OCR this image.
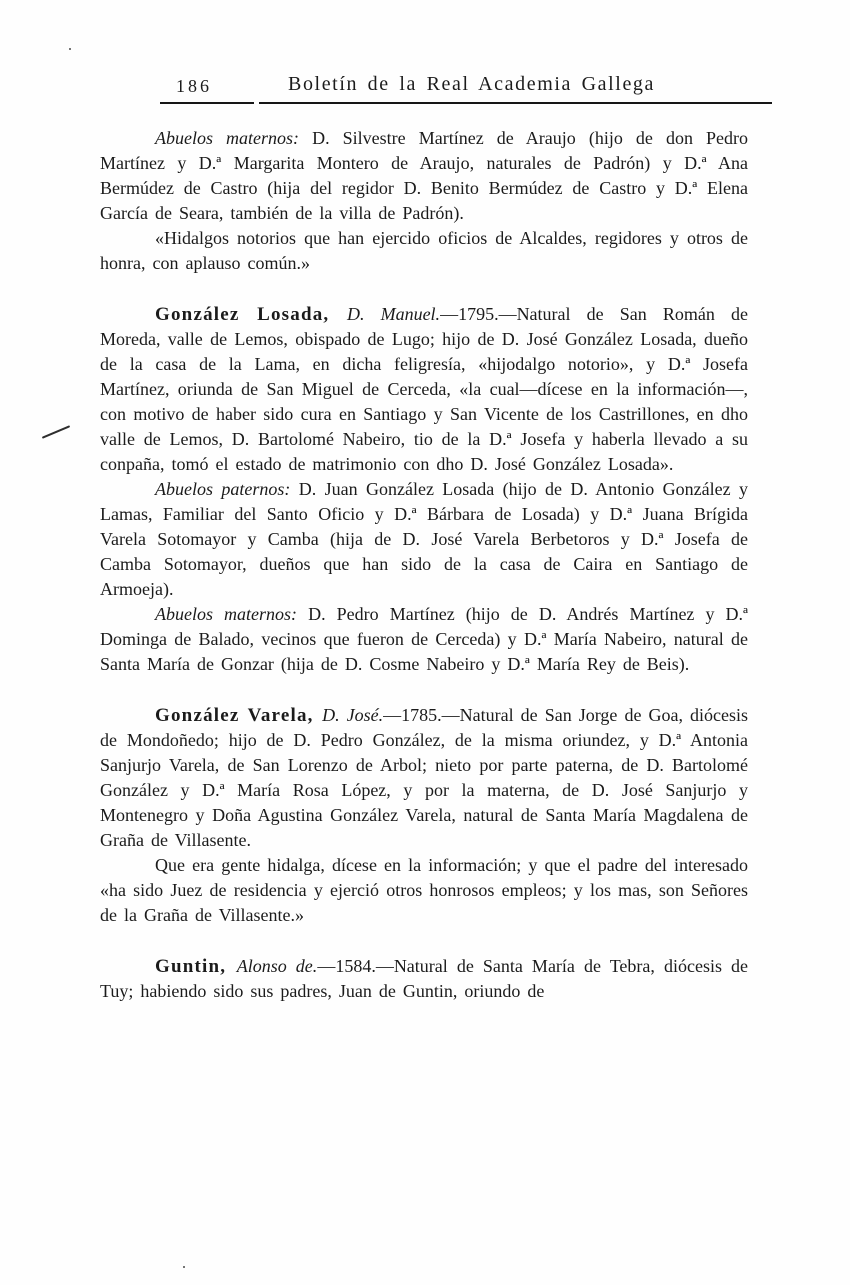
186	Boletín de la Real Academia Gallega

Abuelos maternos: D. Silvestre Martínez de Araujo (hijo de don Pedro Martínez y D.ª Margarita Montero de Araujo, naturales de Padrón) y D.ª Ana Bermúdez de Castro (hija del regidor D. Benito Bermúdez de Castro y D.ª Elena García de Seara, también de la villa de Padrón).

«Hidalgos notorios que han ejercido oficios de Alcaldes, regidores y otros de honra, con aplauso común.»

González Losada, D. Manuel.—1795.—Natural de San Román de Moreda, valle de Lemos, obispado de Lugo; hijo de D. José González Losada, dueño de la casa de la Lama, en dicha feligresía, «hijodalgo notorio», y D.ª Josefa Martínez, oriunda de San Miguel de Cerceda, «la cual—dícese en la información—, con motivo de haber sido cura en Santiago y San Vicente de los Castrillones, en dho valle de Lemos, D. Bartolomé Nabeiro, tio de la D.ª Josefa y haberla llevado a su conpaña, tomó el estado de matrimonio con dho D. José González Losada».

Abuelos paternos: D. Juan González Losada (hijo de D. Antonio González y Lamas, Familiar del Santo Oficio y D.ª Bárbara de Losada) y D.ª Juana Brígida Varela Sotomayor y Camba (hija de D. José Varela Berbetoros y D.ª Josefa de Camba Sotomayor, dueños que han sido de la casa de Caira en Santiago de Armoeja).

Abuelos maternos: D. Pedro Martínez (hijo de D. Andrés Martínez y D.ª Dominga de Balado, vecinos que fueron de Cerceda) y D.ª María Nabeiro, natural de Santa María de Gonzar (hija de D. Cosme Nabeiro y D.ª María Rey de Beis).

González Varela, D. José.—1785.—Natural de San Jorge de Goa, diócesis de Mondoñedo; hijo de D. Pedro González, de la misma oriundez, y D.ª Antonia Sanjurjo Varela, de San Lorenzo de Arbol; nieto por parte paterna, de D. Bartolomé González y D.ª María Rosa López, y por la materna, de D. José Sanjurjo y Montenegro y Doña Agustina González Varela, natural de Santa María Magdalena de Graña de Villasente.

Que era gente hidalga, dícese en la información; y que el padre del interesado «ha sido Juez de residencia y ejerció otros honrosos empleos; y los mas, son Señores de la Graña de Villasente.»

Guntin, Alonso de.—1584.—Natural de Santa María de Tebra, diócesis de Tuy; habiendo sido sus padres, Juan de Guntin, oriundo de
